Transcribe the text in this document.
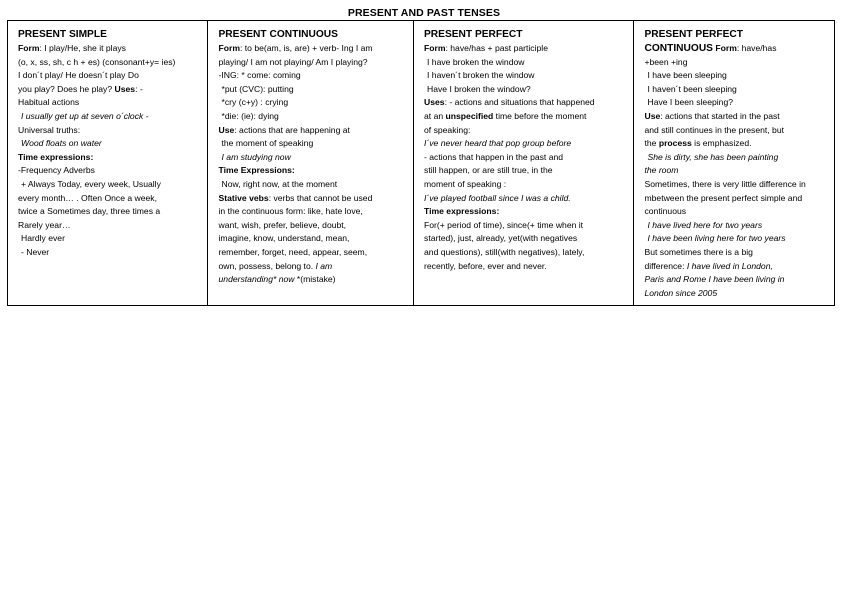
PRESENT AND PAST TENSES
PRESENT SIMPLE
Form: I play/He, she it plays
(o, x, ss, sh, c h + es) (consonant+y= ies)
I don´t play/ He doesn´t play Do
you play? Does he play? Uses: -
Habitual actions
I usually get up at seven o´clock -
Universal truths:
Wood floats on water
Time expressions:
-Frequency Adverbs
+ Always Today, every week, Usually
every month… . Often Once a week,
twice a Sometimes day, three times a
Rarely year…
Hardly ever
- Never
PRESENT CONTINUOUS
Form: to be(am, is, are) + verb- Ing I am
playing/ I am not playing/ Am I playing?
-ING: * come: coming
*put (CVC): putting
*cry (c+y) : crying
*die: (ie): dying
Use: actions that are happening at
the moment of speaking
I am studying now
Time Expressions:
Now, right now, at the moment
Stative vebs: verbs that cannot be used
in the continuous form: like, hate love,
want, wish, prefer, believe, doubt,
imagine, know, understand, mean,
remember, forget, need, appear, seem,
own, possess, belong to. I am
understanding* now *(mistake)
PRESENT PERFECT
Form: have/has + past participle
I have broken the window
I haven´t broken the window
Have I broken the window?
Uses: - actions and situations that happened
at an unspecified time before the moment
of speaking:
I´ve never heard that pop group before
- actions that happen in the past and
still happen, or are still true, in the
moment of speaking :
I´ve played football since I was a child.
Time expressions:
For(+ period of time), since(+ time when it
started), just, already, yet(with negatives
and questions), still(with negatives), lately,
recently, before, ever and never.
PRESENT PERFECT
CONTINUOUS Form: have/has
+been +ing
I have been sleeping
I haven´t been sleeping
Have I been sleeping?
Use: actions that started in the past
and still continues in the present, but
the process is emphasized.
She is dirty, she has been painting
the room
Sometimes, there is very little difference in
mbetween the present perfect simple and
continuous
I have lived here for two years
I have been living here for two years
But sometimes there is a big
difference: I have lived in London,
Paris and Rome I have been living in
London since 2005
